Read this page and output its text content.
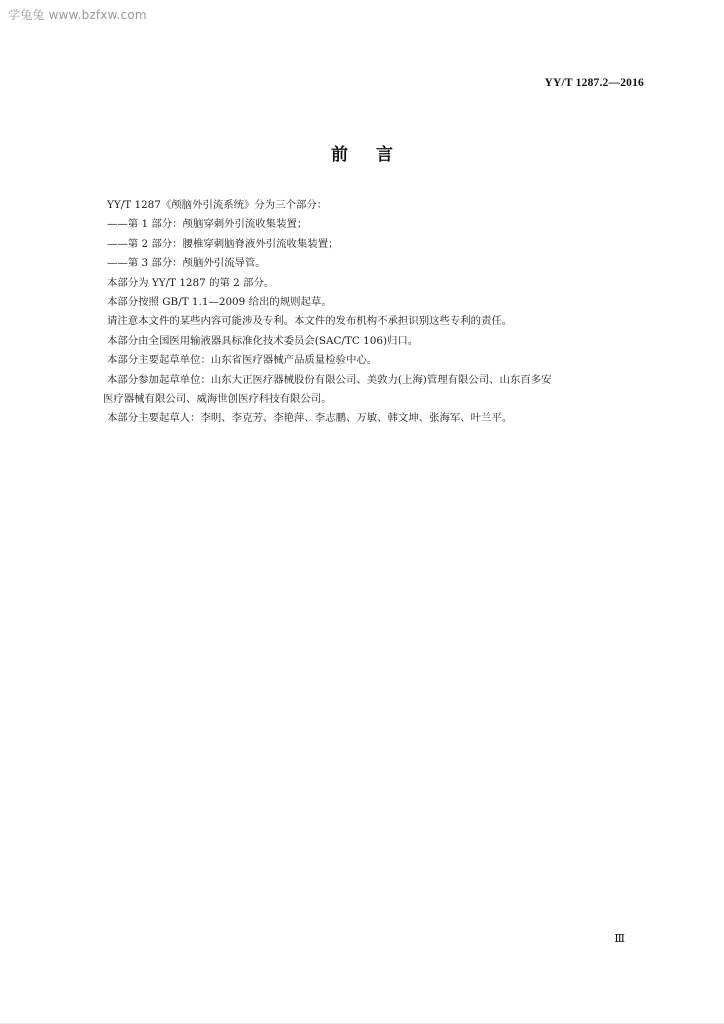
学兔兔 www.bzfxw.com
YY/T 1287.2—2016
前言

YY/T 1287《颅脑外引流系统》分为三个部分：

——第 1 部分：颅脑穿刺外引流收集装置；

——第 2 部分：腰椎穿刺脑脊液外引流收集装置；

——第 3 部分：颅脑外引流导管。

本部分为 YY/T 1287 的第 2 部分。

本部分按照 GB/T 1.1—2009 给出的规则起草。

请注意本文件的某些内容可能涉及专利。本文件的发布机构不承担识别这些专利的责任。

本部分由全国医用输液器具标准化技术委员会(SAC/TC 106)归口。

本部分主要起草单位：山东省医疗器械产品质量检验中心。

本部分参加起草单位：山东大正医疗器械股份有限公司、美敦力(上海)管理有限公司、山东百多安

医疗器械有限公司、威海世创医疗科技有限公司。

本部分主要起草人：李明、李克芳、李艳萍、李志鹏、万敏、韩文坤、张海军、叶兰平。

Ⅲ
